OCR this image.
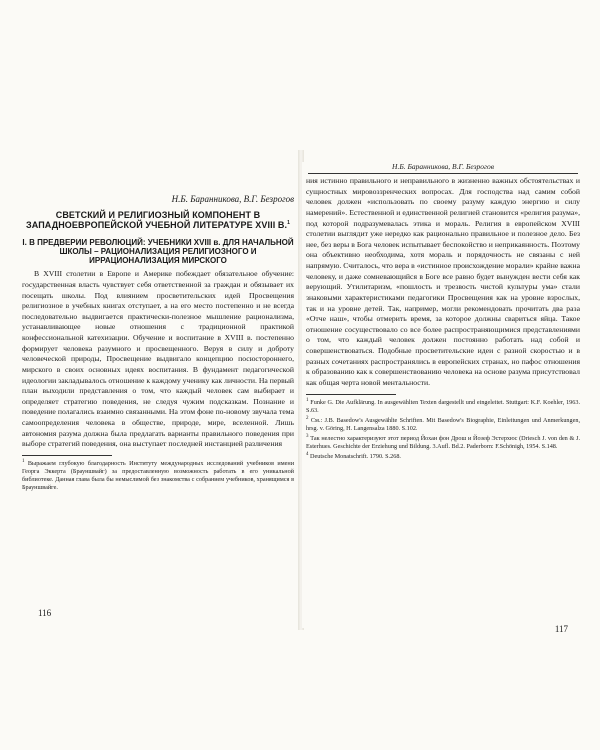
Н.Б. Баранникова, В.Г. Безрогов
СВЕТСКИЙ И РЕЛИГИОЗНЫЙ КОМПОНЕНТ В ЗАПАДНОЕВРОПЕЙСКОЙ УЧЕБНОЙ ЛИТЕРАТУРЕ XVIII В.$^1$
I. В ПРЕДВЕРИИ РЕВОЛЮЦИЙ: УЧЕБНИКИ XVIII в. ДЛЯ НАЧАЛЬНОЙ ШКОЛЫ – РАЦИОНАЛИЗАЦИЯ РЕЛИГИОЗНОГО И ИРРАЦИОНАЛИЗАЦИЯ МИРСКОГО

В XVIII столетии в Европе и Америке побеждает обязательное обучение: государственная власть чувствует себя ответственной за граждан и обязывает их посещать школы. Под влиянием просветительских идей Просвещения религиозное в учебных книгах отступает, а на его место постепенно и не всегда последовательно выдвигается практически-полезное мышление рационализма, устанавливающее новые отношения с традиционной практикой конфессиональной катехизации. Обучение и воспитание в XVIII в. постепенно формирует человека разумного и просвещенного. Веруя в силу и доброту человеческой природы, Просвещение выдвигало концепцию посюстороннего, мирского в своих основных идеях воспитания. В фундамент педагогической идеологии закладывалось отношение к каждому ученику как личности. На первый план выходили представления о том, что каждый человек сам выбирает и определяет стратегию поведения, не следуя чужим подсказкам. Познание и поведение полагались взаимно связанными. На этом фоне по-новому звучала тема самоопределения человека в обществе, природе, мире, вселенной. Лишь автономия разума должна была предлагать варианты правильного поведения при выборе стратегий поведения, она выступает последней инстанцией различения

$^1$ Выражаем глубокую благодарность Институту международных исследований учебников имени Георга Эккерта (Брауншвайг) за предоставленную возможность работать в его уникальной библиотеке. Данная глава была бы немыслимой без знакомства с собранием учебников, хранящимся в Брауншвайге.
116
Н.Б. Баранникова, В.Г. Безрогов

ния истинно правильного и неправильного в жизненно важных обстоятельствах и сущностных мировоззренческих вопросах. Для господства над самим собой человек должен «использовать по своему разуму каждую энергию и силу намерений». Естественной и единственной религией становится «религия разума», под которой подразумевалась этика и мораль. Религия в европейском XVIII столетии выглядит уже нередко как рационально правильное и полезное дело. Без нее, без веры в Бога человек испытывает беспокойство и неприкаянность. Поэтому она объективно необходима, хотя мораль и порядочность не связаны с ней напрямую. Считалось, что вера в «истинное происхождение морали» крайне важна человеку, и даже сомневающийся в Боге все равно будет вынужден вести себя как верующий. Утилитаризм, «пошлость и трезвость чистой культуры ума» стали знаковыми характеристиками педагогики Просвещения как на уровне взрослых, так и на уровне детей. Так, например, могли рекомендовать прочитать два раза «Отче наш», чтобы отмерить время, за которое должны свариться яйца. Такое отношение сосуществовало со все более распространяющимися представлениями о том, что каждый человек должен постоянно работать над собой и совершенствоваться. Подобные просветительские идеи с разной скоростью и в разных сочетаниях распространялись в европейских странах, но пафос отношения к образованию как к совершенствованию человека на основе разума присутствовал как общая черта новой ментальности.

$^1$ Funke G. Die Aufklärung. In ausgewählten Texten dargestellt und eingeleitet. Stuttgart: K.F. Koehler, 1963. S.63.
$^2$ См.: J.B. Basedow's Ausgewählte Schriften. Mit Basedow's Biographie, Einleitungen und Anmerkungen, hrsg. v. Göring, H. Langensalza 1880. S.102.
$^3$ Так нелестно характеризуют этот период Йохан фон Дрош и Йозеф Эстерхюс (Driesch J. von den & J. Esterhues. Geschichte der Erziehung und Bildung. 3.Aufl. Bd.2. Paderborn: F.Schönigh, 1954. S.148.
$^4$ Deutsche Monatschrift. 1790. S.268.
117
